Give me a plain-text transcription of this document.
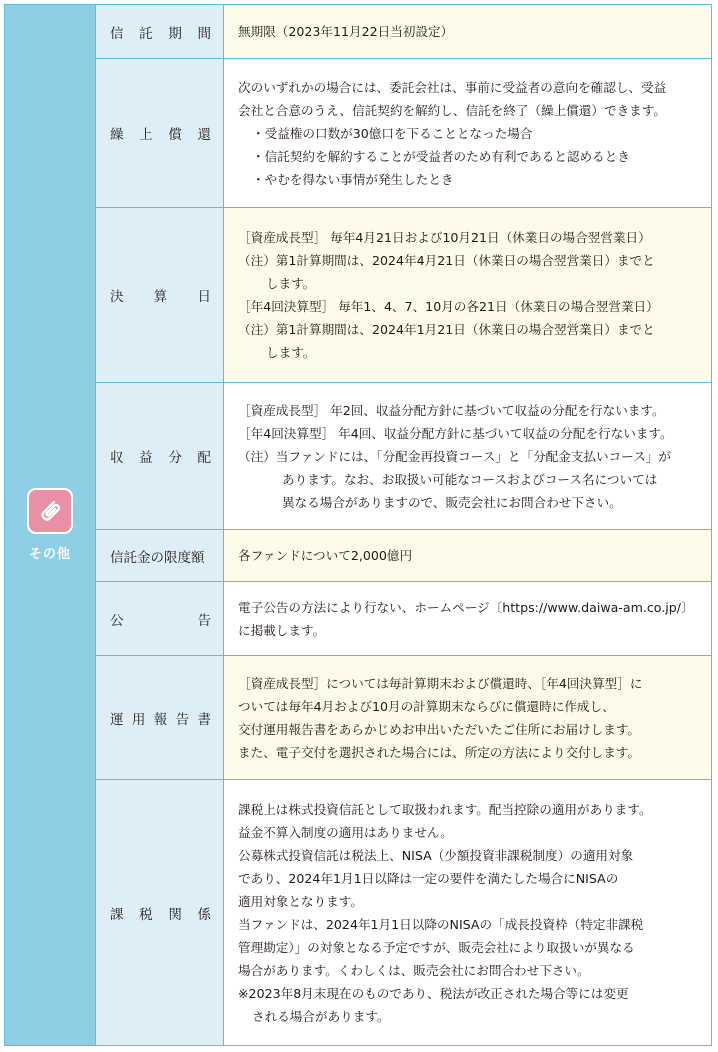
その他
信 託 期 間 無期限（2023年11月22日当初設定）
繰 上 償 還
次のいずれかの場合には、委託会社は、事前に受益者の意向を確認し、受益
会社と合意のうえ、信託契約を解約し、信託を終了（繰上償還）できます。
・受益権の口数が30億口を下ることとなった場合
・信託契約を解約することが受益者のため有利であると認めるとき
・やむを得ない事情が発生したとき
決 算 日
［資産成長型］ 毎年4月21日および10月21日（休業日の場合翌営業日）
（注）第1計算期間は、2024年4月21日（休業日の場合翌営業日）までと
します。
［年4回決算型］ 毎年1、4、7、10月の各21日（休業日の場合翌営業日）
（注）第1計算期間は、2024年1月21日（休業日の場合翌営業日）までと
します。
収 益 分 配
［資産成長型］ 年2回、収益分配方針に基づいて収益の分配を行ないます。
［年4回決算型］ 年4回、収益分配方針に基づいて収益の分配を行ないます。
（注）当ファンドには、「分配金再投資コース」と「分配金支払いコース」が
あります。なお、お取扱い可能なコースおよびコース名については
異なる場合がありますので、販売会社にお問合わせ下さい。
信託金の限度額	各ファンドについて2,000億円
公	告
電子公告の方法により行ない、ホームページ〔https://www.daiwa-am.co.jp/〕
に掲載します。
運 用 報 告 書
［資産成長型］については毎計算期末および償還時、［年4回決算型］に
ついては毎年4月および10月の計算期末ならびに償還時に作成し、
交付運用報告書をあらかじめお申出いただいたご住所にお届けします。
また、電子交付を選択された場合には、所定の方法により交付します。
課 税 関 係
課税上は株式投資信託として取扱われます。配当控除の適用があります。
益金不算入制度の適用はありません。
公募株式投資信託は税法上、NISA（少額投資非課税制度）の適用対象
であり、2024年1月1日以降は一定の要件を満たした場合にNISAの
適用対象となります。
当ファンドは、2024年1月1日以降のNISAの「成長投資枠（特定非課税
管理勘定）」の対象となる予定ですが、販売会社により取扱いが異なる
場合があります。くわしくは、販売会社にお問合わせ下さい。
※2023年8月末現在のものであり、税法が改正された場合等には変更
される場合があります。
